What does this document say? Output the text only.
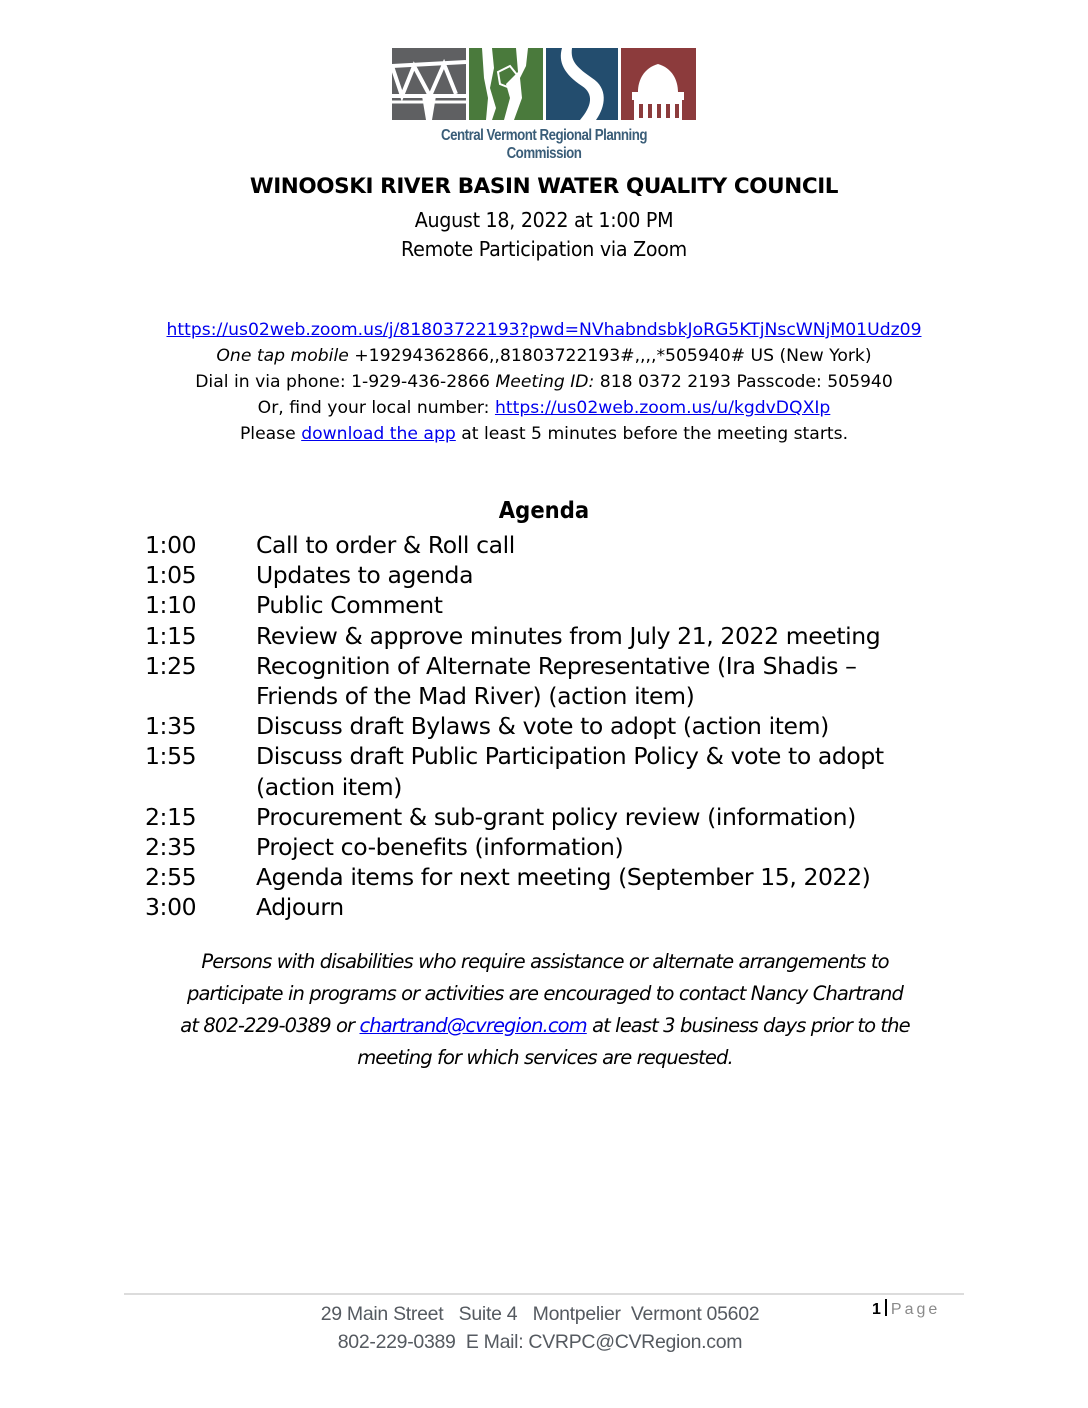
Central Vermont Regional Planning Commission
WINOOSKI RIVER BASIN WATER QUALITY COUNCIL
August 18, 2022 at 1:00 PM
Remote Participation via Zoom
https://us02web.zoom.us/j/81803722193?pwd=NVhabndsbkJoRG5KTjNscWNjM01Udz09
One tap mobile +19294362866,,81803722193#,,,,*505940# US (New York)
Dial in via phone: 1-929-436-2866 Meeting ID: 818 0372 2193 Passcode: 505940
Or, find your local number: https://us02web.zoom.us/u/kgdvDQXIp
Please download the app at least 5 minutes before the meeting starts.
Agenda
1:00	Call to order & Roll call
1:05	Updates to agenda
1:10	Public Comment
1:15	Review & approve minutes from July 21, 2022 meeting
1:25	Recognition of Alternate Representative (Ira Shadis –
Friends of the Mad River) (action item)
1:35	Discuss draft Bylaws & vote to adopt (action item)
1:55	Discuss draft Public Participation Policy & vote to adopt
(action item)
2:15	Procurement & sub-grant policy review (information)
2:35	Project co-benefits (information)
2:55	Agenda items for next meeting (September 15, 2022)
3:00	Adjourn
Persons with disabilities who require assistance or alternate arrangements to
participate in programs or activities are encouraged to contact Nancy Chartrand
at 802-229-0389 or chartrand@cvregion.com at least 3 business days prior to the
meeting for which services are requested.
29 Main Street   Suite 4   Montpelier  Vermont 05602
802-229-0389  E Mail: CVRPC@CVRegion.com
1 Page
